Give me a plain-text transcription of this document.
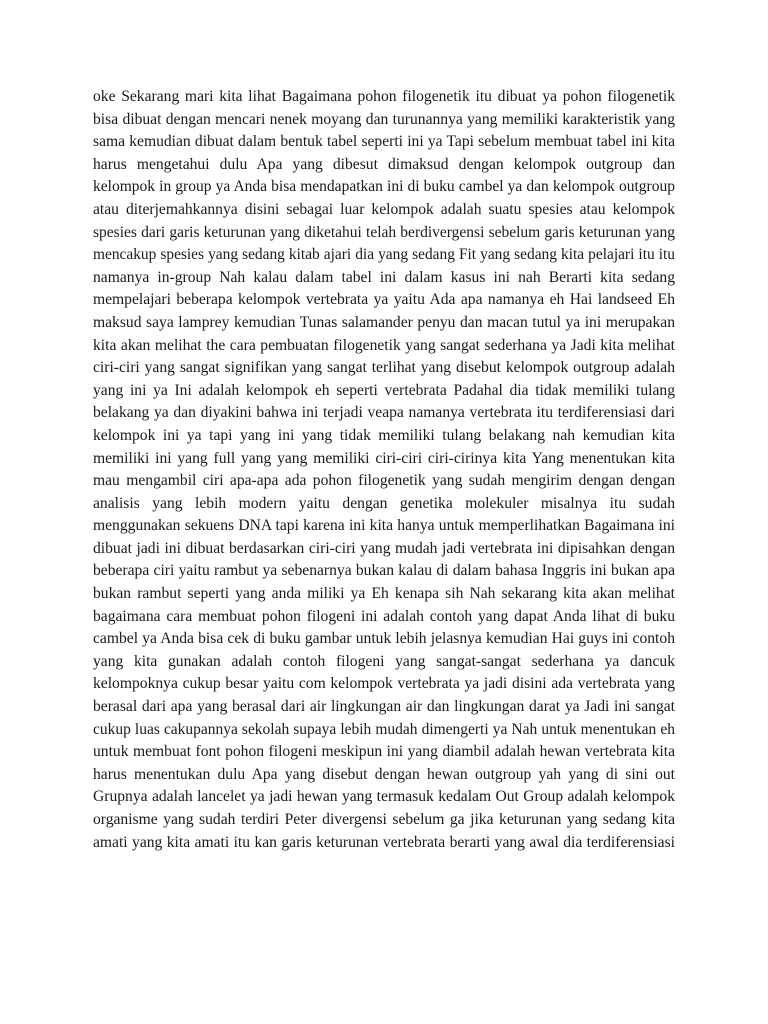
oke Sekarang mari kita lihat Bagaimana pohon filogenetik itu dibuat ya pohon filogenetik
bisa dibuat dengan mencari nenek moyang dan turunannya yang memiliki karakteristik yang
sama kemudian dibuat dalam bentuk tabel seperti ini ya Tapi sebelum membuat tabel ini kita
harus mengetahui dulu Apa yang dibesut dimaksud dengan kelompok outgroup dan
kelompok in group ya Anda bisa mendapatkan ini di buku cambel ya dan kelompok outgroup
atau diterjemahkannya disini sebagai luar kelompok adalah suatu spesies atau kelompok
spesies dari garis keturunan yang diketahui telah berdivergensi sebelum garis keturunan yang
mencakup spesies yang sedang kitab ajari dia yang sedang Fit yang sedang kita pelajari itu itu
namanya in-group Nah kalau dalam tabel ini dalam kasus ini nah Berarti kita sedang
mempelajari beberapa kelompok vertebrata ya yaitu Ada apa namanya eh Hai landseed Eh
maksud saya lamprey kemudian Tunas salamander penyu dan macan tutul ya ini merupakan
kita akan melihat the cara pembuatan filogenetik yang sangat sederhana ya Jadi kita melihat
ciri-ciri yang sangat signifikan yang sangat terlihat yang disebut kelompok outgroup adalah
yang ini ya Ini adalah kelompok eh seperti vertebrata Padahal dia tidak memiliki tulang
belakang ya dan diyakini bahwa ini terjadi veapa namanya vertebrata itu terdiferensiasi dari
kelompok ini ya tapi yang ini yang tidak memiliki tulang belakang nah kemudian kita
memiliki ini yang full yang yang memiliki ciri-ciri ciri-cirinya kita Yang menentukan kita
mau mengambil ciri apa-apa ada pohon filogenetik yang sudah mengirim dengan dengan
analisis yang lebih modern yaitu dengan genetika molekuler misalnya itu sudah
menggunakan sekuens DNA tapi karena ini kita hanya untuk memperlihatkan Bagaimana ini
dibuat jadi ini dibuat berdasarkan ciri-ciri yang mudah jadi vertebrata ini dipisahkan dengan
beberapa ciri yaitu rambut ya sebenarnya bukan kalau di dalam bahasa Inggris ini bukan apa
bukan rambut seperti yang anda miliki ya Eh kenapa sih Nah sekarang kita akan melihat
bagaimana cara membuat pohon filogeni ini adalah contoh yang dapat Anda lihat di buku
cambel ya Anda bisa cek di buku gambar untuk lebih jelasnya kemudian Hai guys ini contoh
yang kita gunakan adalah contoh filogeni yang sangat-sangat sederhana ya dancuk
kelompoknya cukup besar yaitu com kelompok vertebrata ya jadi disini ada vertebrata yang
berasal dari apa yang berasal dari air lingkungan air dan lingkungan darat ya Jadi ini sangat
cukup luas cakupannya sekolah supaya lebih mudah dimengerti ya Nah untuk menentukan eh
untuk membuat font pohon filogeni meskipun ini yang diambil adalah hewan vertebrata kita
harus menentukan dulu Apa yang disebut dengan hewan outgroup yah yang di sini out
Grupnya adalah lancelet ya jadi hewan yang termasuk kedalam Out Group adalah kelompok
organisme yang sudah terdiri Peter divergensi sebelum ga jika keturunan yang sedang kita
amati yang kita amati itu kan garis keturunan vertebrata berarti yang awal dia terdiferensiasi
